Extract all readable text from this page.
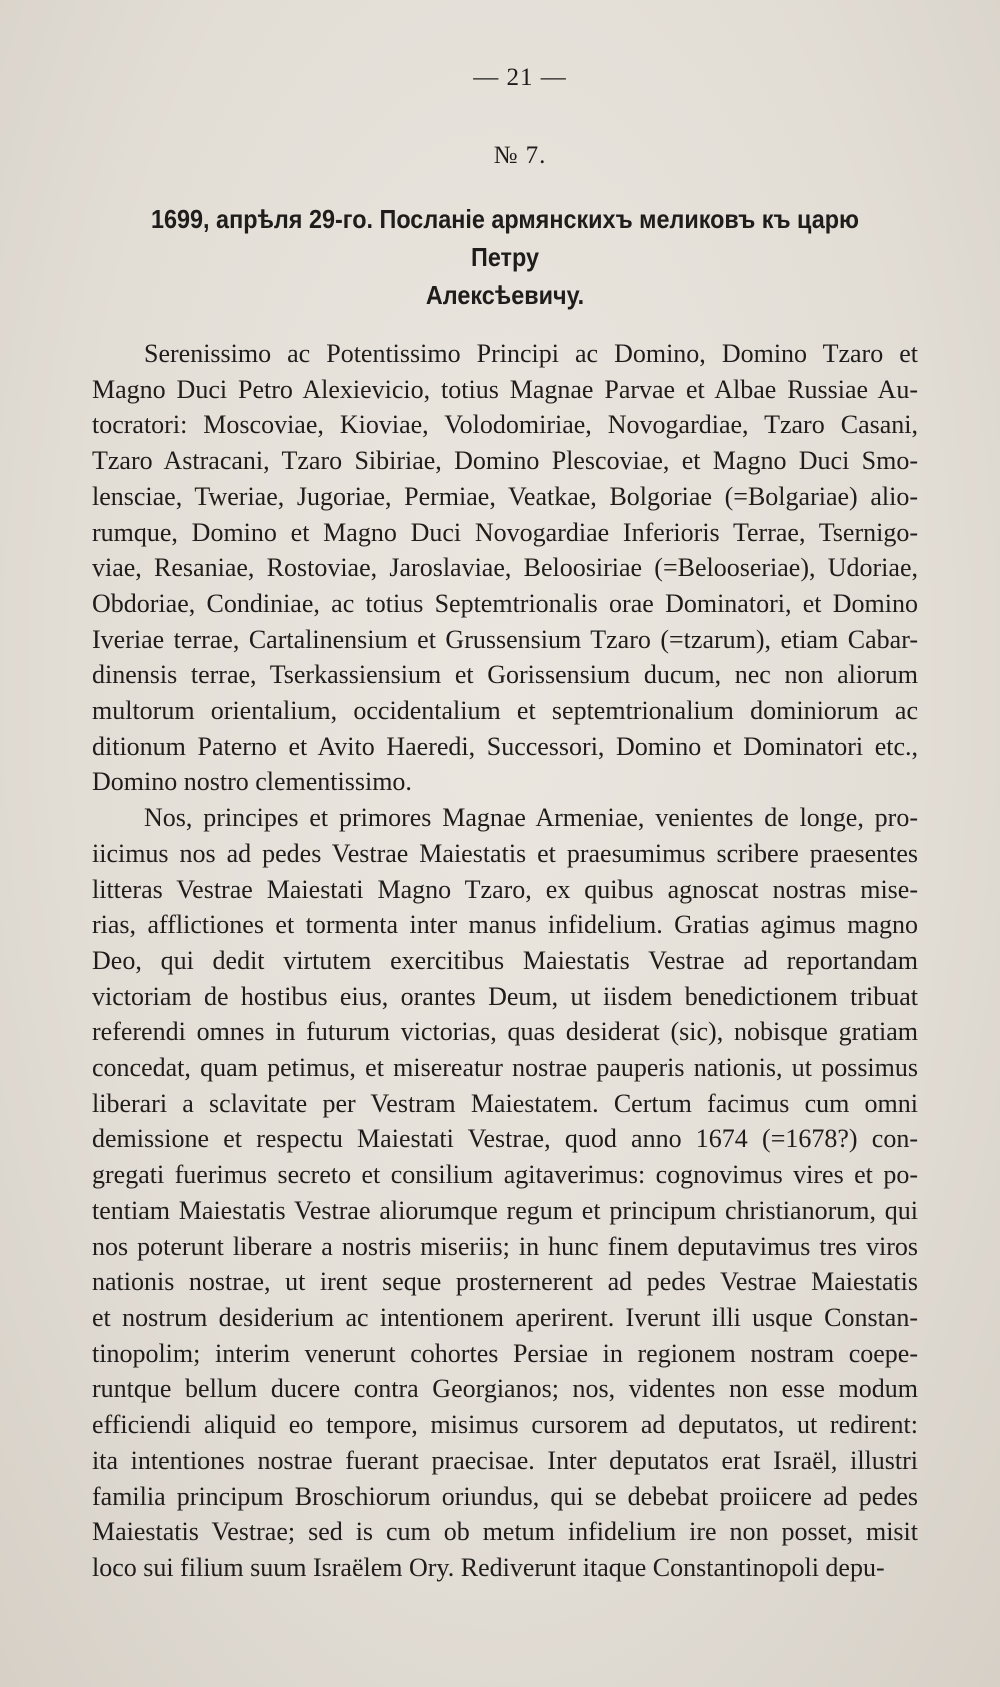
— 21 —
№ 7.
1699, апрѣля 29-го. Посланіе армянскихъ меликовъ къ царю Петру
Алексѣевичу.
Serenissimo ac Potentissimo Principi ac Domino, Domino Tzaro et
Magno Duci Petro Alexievicio, totius Magnae Parvae et Albae Russiae Au-
tocratori: Moscoviae, Kioviae, Volodomiriae, Novogardiae, Tzaro Casani,
Tzaro Astracani, Tzaro Sibiriae, Domino Plescoviae, et Magno Duci Smo-
lensciae, Tweriae, Jugoriae, Permiae, Veatkae, Bolgoriae (=Bolgariae) alio-
rumque, Domino et Magno Duci Novogardiae Inferioris Terrae, Tsernigo-
viae, Resaniae, Rostoviae, Jaroslaviae, Beloosiriae (=Belooseriae), Udoriae,
Obdoriae, Condiniae, ac totius Septemtrionalis orae Dominatori, et Domino
Iveriae terrae, Cartalinensium et Grussensium Tzaro (=tzarum), etiam Cabar-
dinensis terrae, Tserkassiensium et Gorissensium ducum, nec non aliorum
multorum orientalium, occidentalium et septemtrionalium dominiorum ac
ditionum Paterno et Avito Haeredi, Successori, Domino et Dominatori etc.,
Domino nostro clementissimo.
Nos, principes et primores Magnae Armeniae, venientes de longe, pro-
iicimus nos ad pedes Vestrae Maiestatis et praesumimus scribere praesentes
litteras Vestrae Maiestati Magno Tzaro, ex quibus agnoscat nostras mise-
rias, afflictiones et tormenta inter manus infidelium. Gratias agimus magno
Deo, qui dedit virtutem exercitibus Maiestatis Vestrae ad reportandam
victoriam de hostibus eius, orantes Deum, ut iisdem benedictionem tribuat
referendi omnes in futurum victorias, quas desiderat (sic), nobisque gratiam
concedat, quam petimus, et misereatur nostrae pauperis nationis, ut possimus
liberari a sclavitate per Vestram Maiestatem. Certum facimus cum omni
demissione et respectu Maiestati Vestrae, quod anno 1674 (=1678?) con-
gregati fuerimus secreto et consilium agitaverimus: cognovimus vires et po-
tentiam Maiestatis Vestrae aliorumque regum et principum christianorum, qui
nos poterunt liberare a nostris miseriis; in hunc finem deputavimus tres viros
nationis nostrae, ut irent seque prosternerent ad pedes Vestrae Maiestatis
et nostrum desiderium ac intentionem aperirent. Iverunt illi usque Constan-
tinopolim; interim venerunt cohortes Persiae in regionem nostram coepe-
runtque bellum ducere contra Georgianos; nos, videntes non esse modum
efficiendi aliquid eo tempore, misimus cursorem ad deputatos, ut redirent:
ita intentiones nostrae fuerant praecisae. Inter deputatos erat Israël, illustri
familia principum Broschiorum oriundus, qui se debebat proiicere ad pedes
Maiestatis Vestrae; sed is cum ob metum infidelium ire non posset, misit
loco sui filium suum Israëlem Ory. Rediverunt itaque Constantinopoli depu-
